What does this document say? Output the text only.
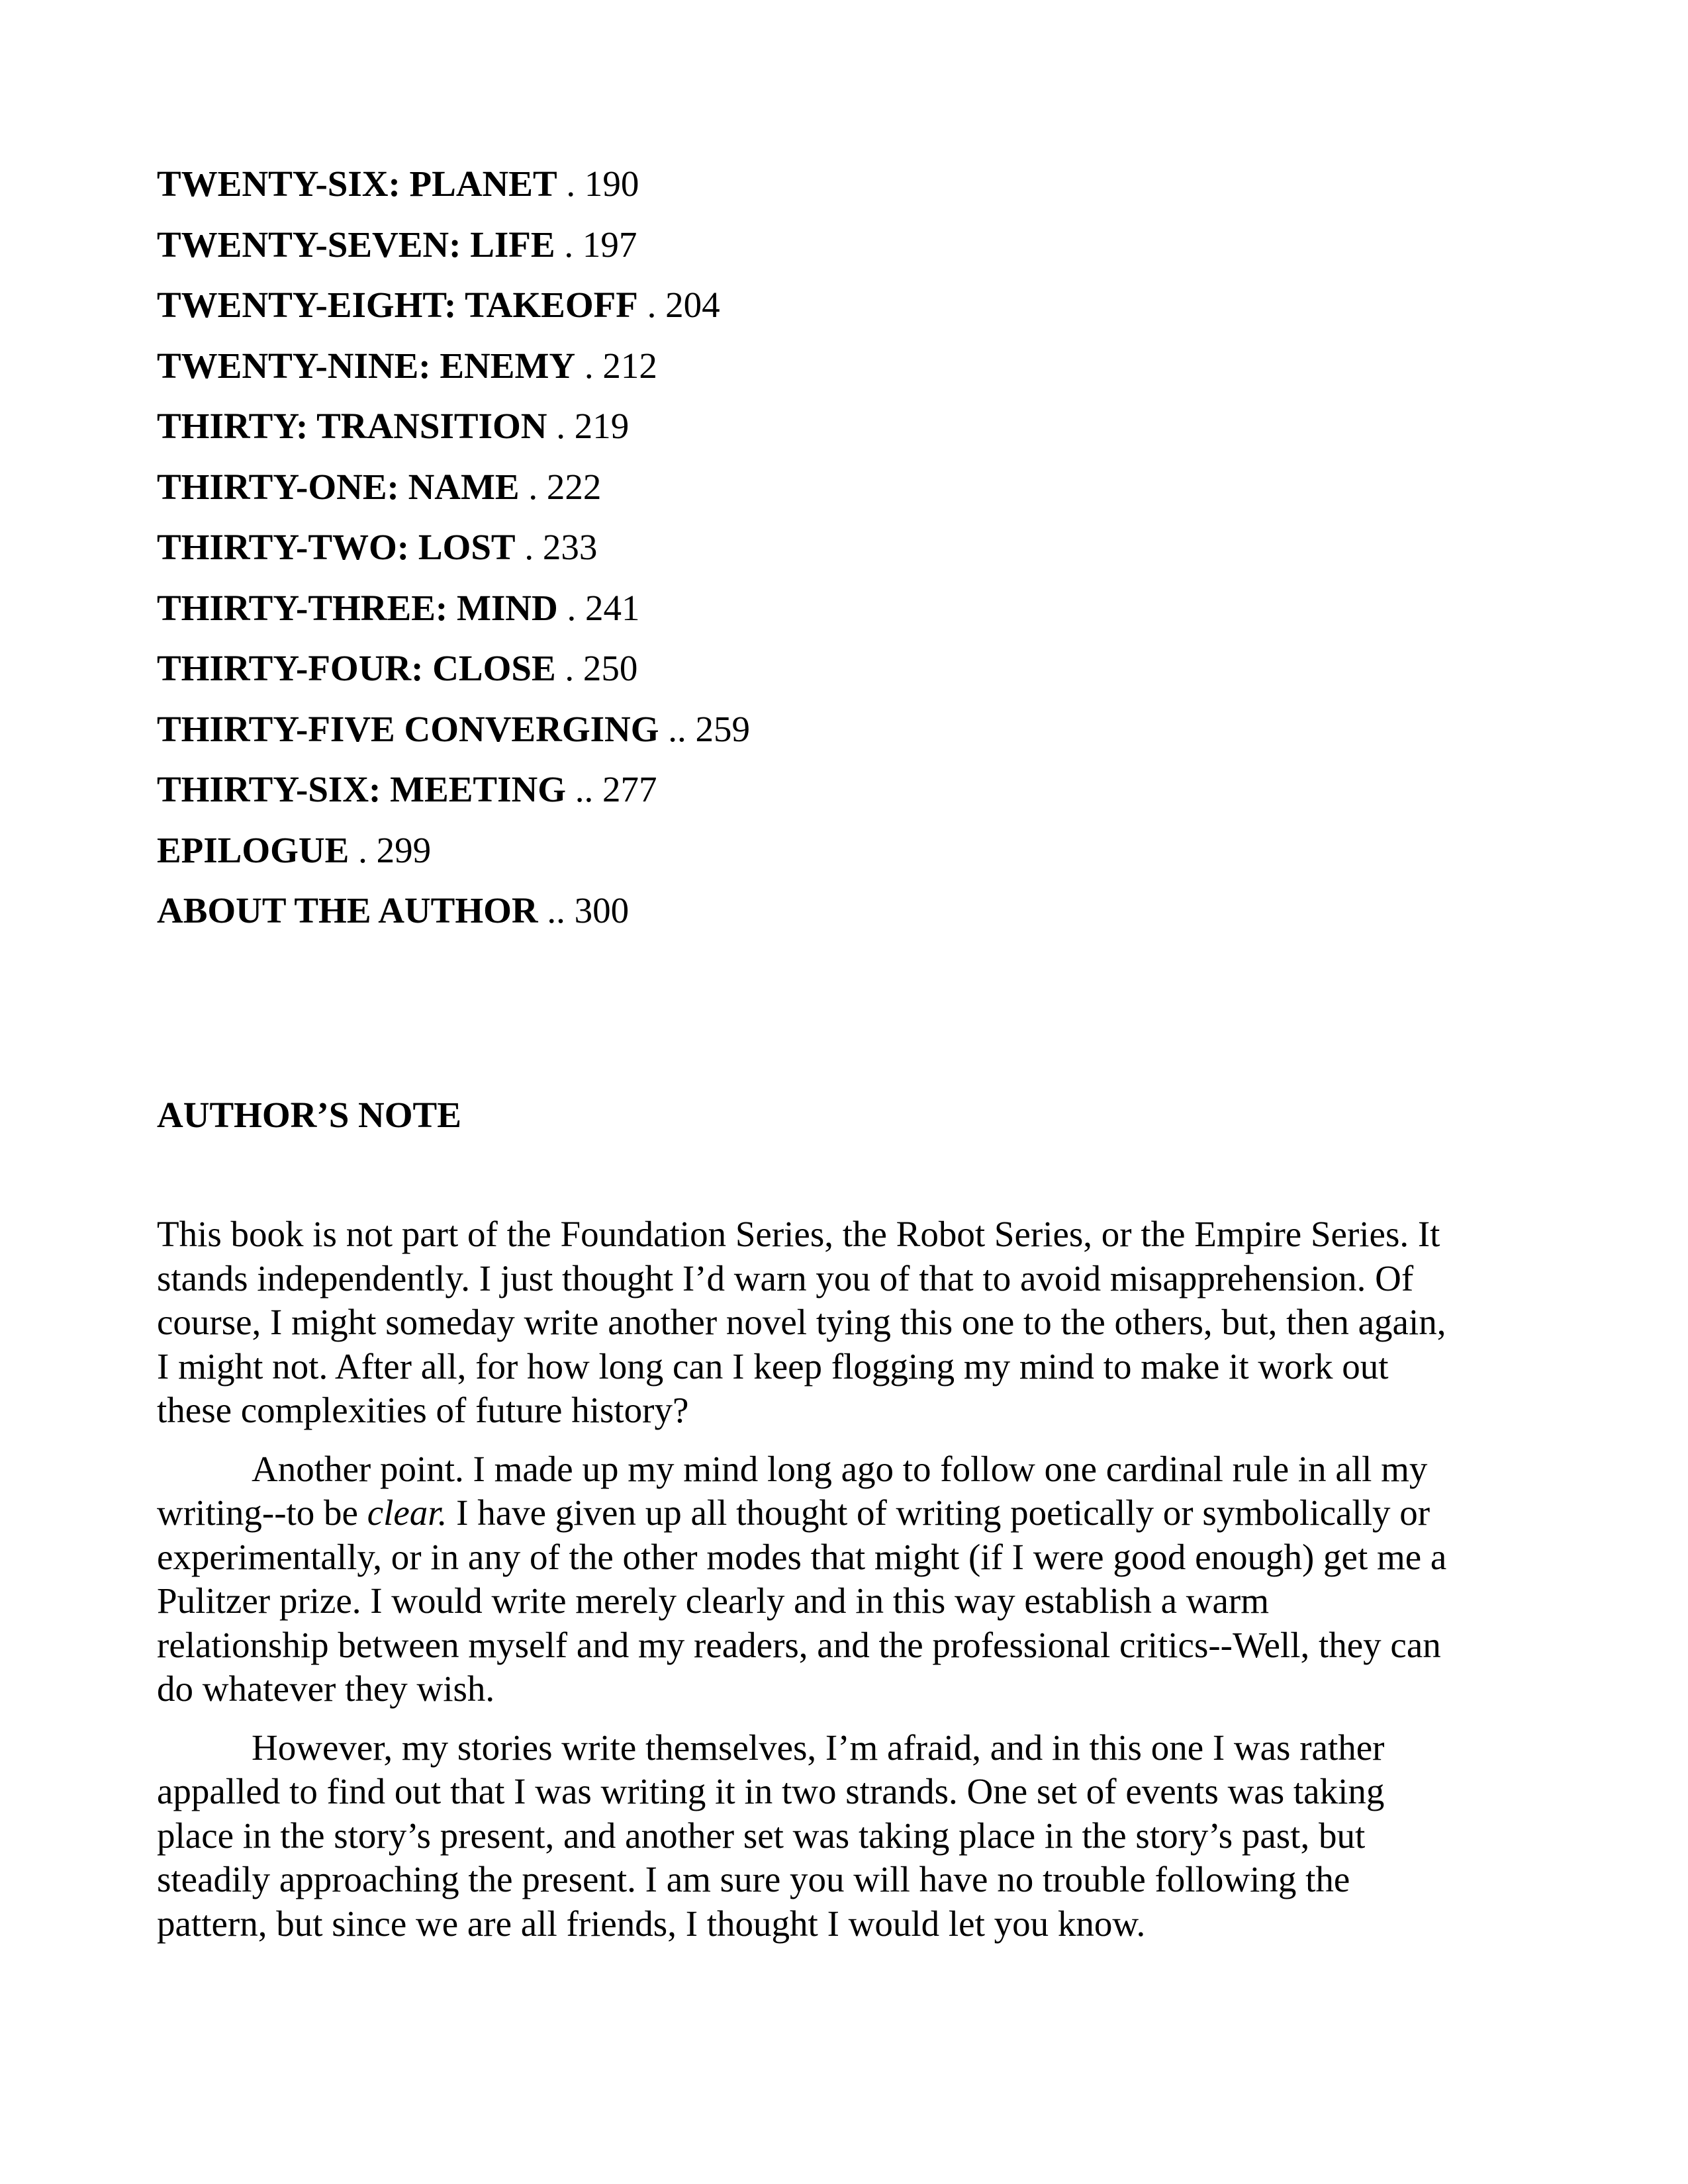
TWENTY-SIX: PLANET . 190
TWENTY-SEVEN: LIFE . 197
TWENTY-EIGHT: TAKEOFF . 204
TWENTY-NINE: ENEMY . 212
THIRTY: TRANSITION . 219
THIRTY-ONE: NAME . 222
THIRTY-TWO: LOST . 233
THIRTY-THREE: MIND . 241
THIRTY-FOUR: CLOSE . 250
THIRTY-FIVE CONVERGING .. 259
THIRTY-SIX: MEETING .. 277
EPILOGUE . 299
ABOUT THE AUTHOR .. 300
AUTHOR’S NOTE

This book is not part of the Foundation Series, the Robot Series, or the Empire Series. It
stands independently. I just thought I’d warn you of that to avoid misapprehension. Of
course, I might someday write another novel tying this one to the others, but, then again,
I might not. After all, for how long can I keep flogging my mind to make it work out
these complexities of future history?

Another point. I made up my mind long ago to follow one cardinal rule in all my
writing--to be clear. I have given up all thought of writing poetically or symbolically or
experimentally, or in any of the other modes that might (if I were good enough) get me a
Pulitzer prize. I would write merely clearly and in this way establish a warm
relationship between myself and my readers, and the professional critics--Well, they can
do whatever they wish.

However, my stories write themselves, I’m afraid, and in this one I was rather
appalled to find out that I was writing it in two strands. One set of events was taking
place in the story’s present, and another set was taking place in the story’s past, but
steadily approaching the present. I am sure you will have no trouble following the
pattern, but since we are all friends, I thought I would let you know.
